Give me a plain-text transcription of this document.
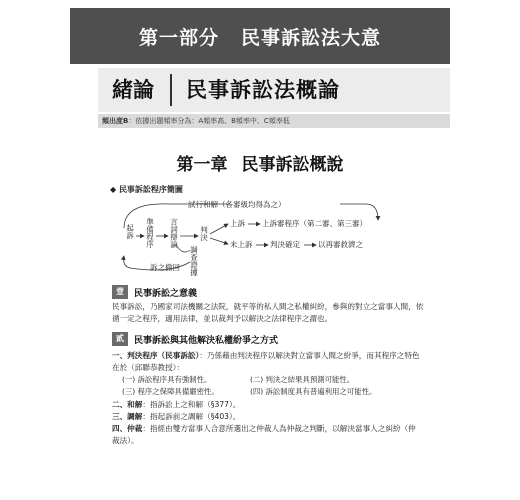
第一部分 民事訴訟法大意
緒論 民事訴訟法概論
頻出度B：依據出題頻率分為：A頻率高、B頻率中、C頻率低
第一章 民事訴訟概說
◆ 民事訴訟程序簡圖
試行和解（各審級均得為之）
起訴 準備程序 言詞辯論	判決
調查證據
上訴 上訴審程序（第二審、第三審）
未上訴 判決確定 以再審救濟之
訴之撤回
壹	民事訴訟之意義
民事訴訟，乃國家司法機關之法院，就平等的私人間之私權糾紛，參與的對立之當事人間，依循一定之程序，適用法律，並以裁判予以解決之法律程序之謂也。
貳	民事訴訟與其他解決私權紛爭之方式
一、判決程序（民事訴訟）：乃係藉由判決程序以解決對立當事人間之紛爭，而其程序之特色在於（邱聯恭教授）：
(一) 訴訟程序具有強制性。	(二) 判決之結果具預測可能性。
(三) 程序之保障具備嚴密性。	(四) 訴訟制度具有普遍利用之可能性。
二、和解：指訴訟上之和解（§377）。
三、調解：指起訴前之調解（§403）。
四、仲裁：指經由雙方當事人合意所選出之仲裁人為仲裁之判斷，以解決當事人之糾紛（仲裁法）。
